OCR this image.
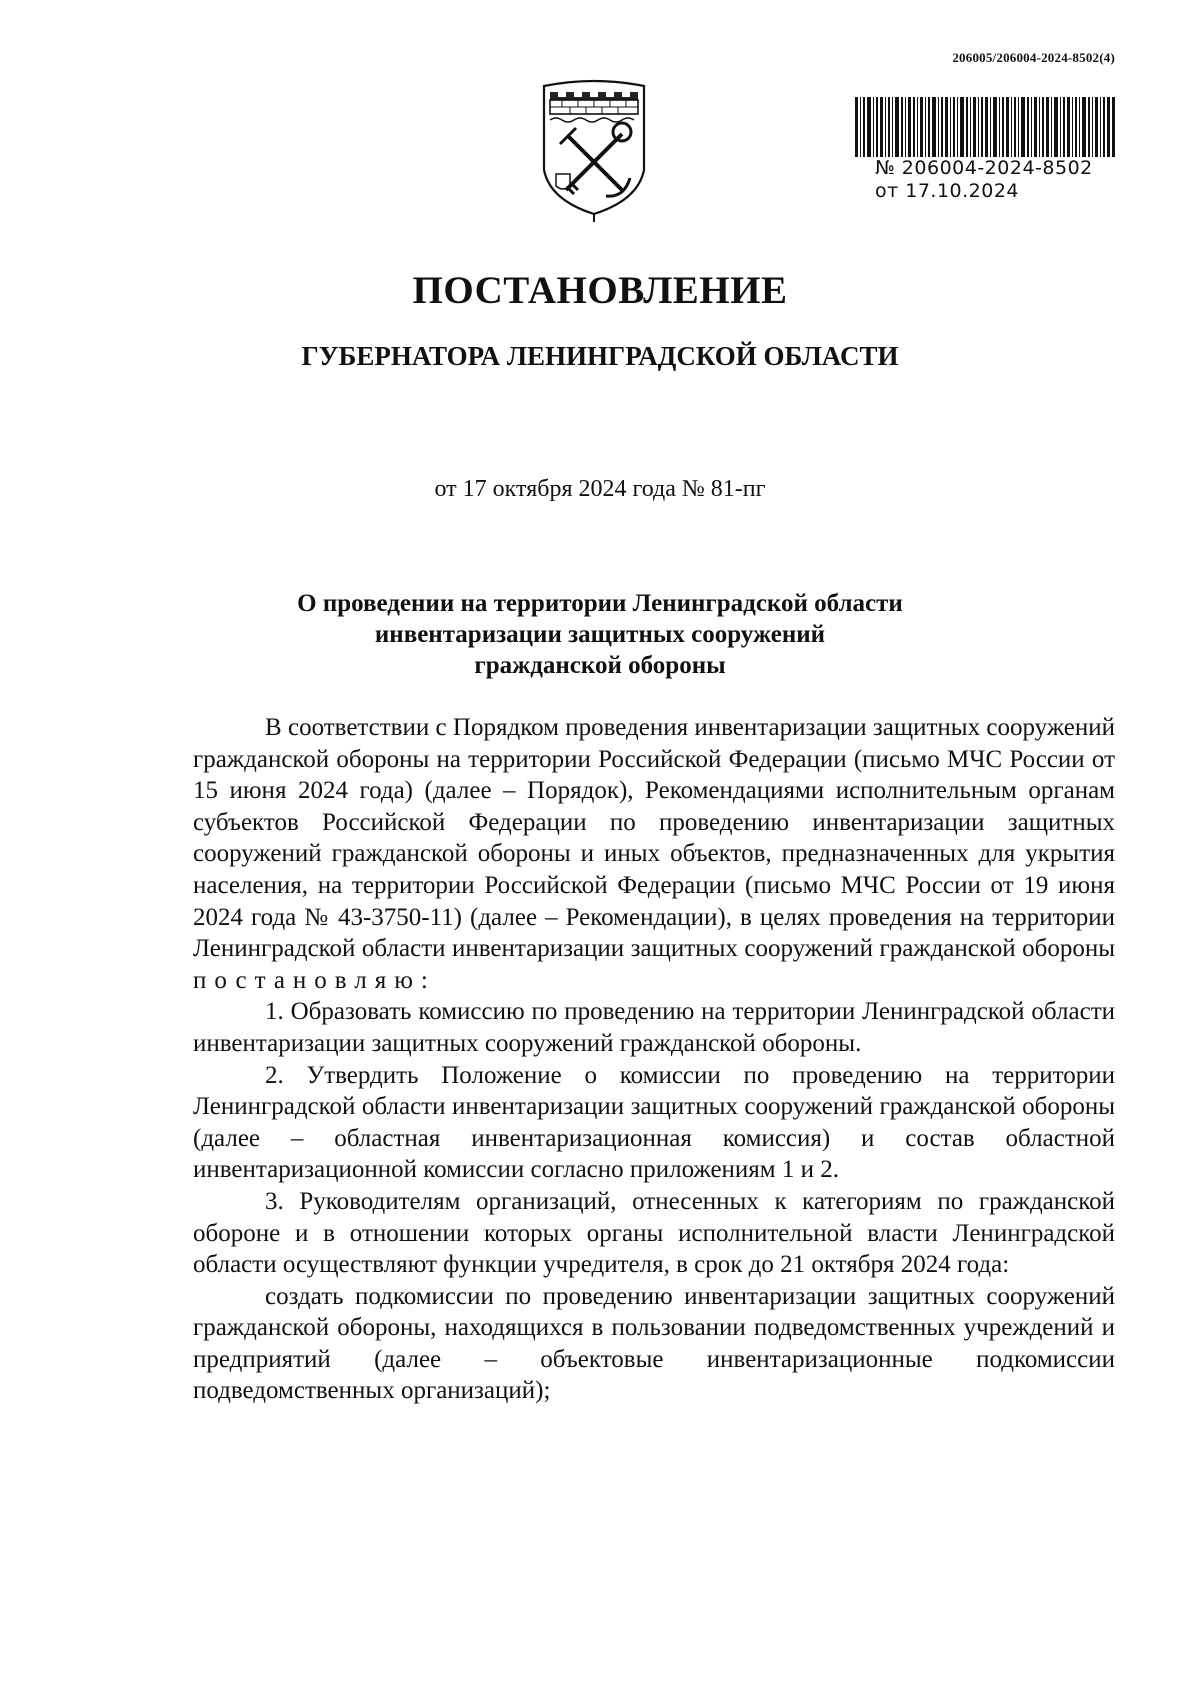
206005/206004-2024-8502(4)
№ 206004-2024-8502
от 17.10.2024
ПОСТАНОВЛЕНИЕ
ГУБЕРНАТОРА ЛЕНИНГРАДСКОЙ ОБЛАСТИ
от 17 октября 2024 года № 81-пг
О проведении на территории Ленинградской области
инвентаризации защитных сооружений
гражданской обороны

В соответствии с Порядком проведения инвентаризации защитных сооружений гражданской обороны на территории Российской Федерации (письмо МЧС России от 15 июня 2024 года) (далее – Порядок), Рекомендациями исполнительным органам субъектов Российской Федерации по проведению инвентаризации защитных сооружений гражданской обороны и иных объектов, предназначенных для укрытия населения, на территории Российской Федерации (письмо МЧС России от 19 июня 2024 года № 43-3750-11) (далее – Рекомендации), в целях проведения на территории Ленинградской области инвентаризации защитных сооружений гражданской обороны постановляю:

1. Образовать комиссию по проведению на территории Ленинградской области инвентаризации защитных сооружений гражданской обороны.

2. Утвердить Положение о комиссии по проведению на территории Ленинградской области инвентаризации защитных сооружений гражданской обороны (далее – областная инвентаризационная комиссия) и состав областной инвентаризационной комиссии согласно приложениям 1 и 2.

3. Руководителям организаций, отнесенных к категориям по гражданской обороне и в отношении которых органы исполнительной власти Ленинградской области осуществляют функции учредителя, в срок до 21 октября 2024 года:

создать подкомиссии по проведению инвентаризации защитных сооружений гражданской обороны, находящихся в пользовании подведомственных учреждений и предприятий (далее – объектовые инвентаризационные подкомиссии подведомственных организаций);
